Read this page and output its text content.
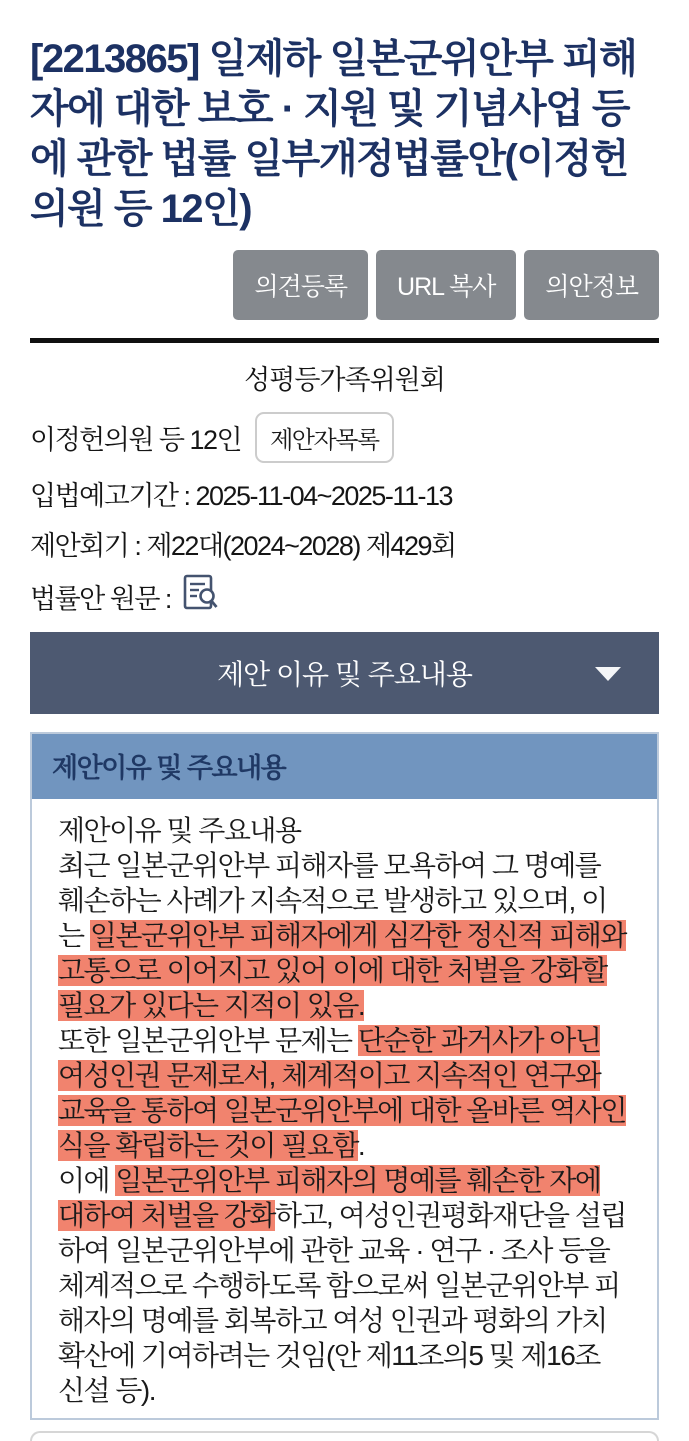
[2213865] 일제하 일본군위안부 피해자에 대한 보호 · 지원 및 기념사업 등에 관한 법률 일부개정법률안(이정헌의원 등 12인)
의견등록	URL 복사	의안정보
성평등가족위원회
이정헌의원 등 12인	제안자목록
입법예고기간 : 2025-11-04~2025-11-13
제안회기 : 제22대(2024~2028) 제429회
법률안 원문 :
제안 이유 및 주요내용
제안이유 및 주요내용

제안이유 및 주요내용

최근 일본군위안부 피해자를 모욕하여 그 명예를 훼손하는 사례가 지속적으로 발생하고 있으며, 이는 일본군위안부 피해자에게 심각한 정신적 피해와 고통으로 이어지고 있어 이에 대한 처벌을 강화할 필요가 있다는 지적이 있음.

또한 일본군위안부 문제는 단순한 과거사가 아닌 여성인권 문제로서, 체계적이고 지속적인 연구와 교육을 통하여 일본군위안부에 대한 올바른 역사인식을 확립하는 것이 필요함.

이에 일본군위안부 피해자의 명예를 훼손한 자에 대하여 처벌을 강화하고, 여성인권평화재단을 설립하여 일본군위안부에 관한 교육 · 연구 · 조사 등을 체계적으로 수행하도록 함으로써 일본군위안부 피해자의 명예를 회복하고 여성 인권과 평화의 가치 확산에 기여하려는 것임(안 제11조의5 및 제16조 신설 등).
